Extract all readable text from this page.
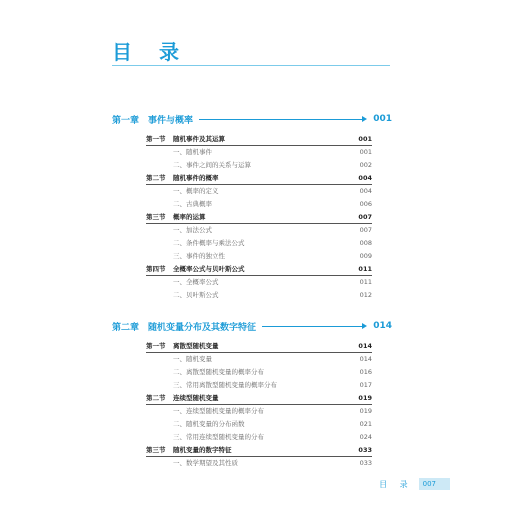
目 录
第一章 事件与概率	001
第一节 随机事件及其运算	001
一、随机事件	001
二、事件之间的关系与运算	002
第二节 随机事件的概率	004
一、概率的定义	004
二、古典概率	006
第三节 概率的运算	007
一、加法公式	007
二、条件概率与乘法公式	008
三、事件的独立性	009
第四节 全概率公式与贝叶斯公式	011
一、全概率公式	011
二、贝叶斯公式	012
第二章 随机变量分布及其数字特征	014
第一节 离散型随机变量	014
一、随机变量	014
二、离散型随机变量的概率分布	016
三、常用离散型随机变量的概率分布	017
第二节 连续型随机变量	019
一、连续型随机变量的概率分布	019
二、随机变量的分布函数	021
三、常用连续型随机变量的分布	024
第三节 随机变量的数字特征	033
一、数学期望及其性质	033
目 录	007
